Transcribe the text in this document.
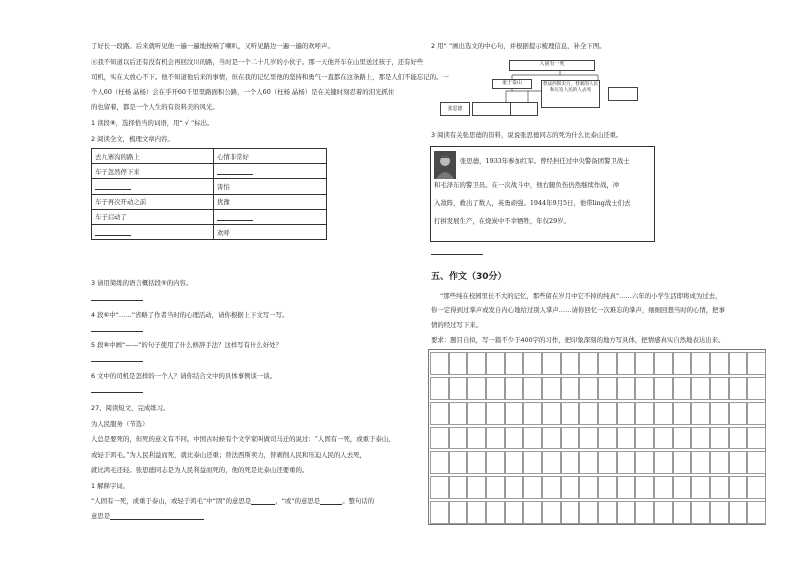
了好长一段路。后来就听见他一遍一遍地按响了喇叭，又听见路边一遍一遍的欢呼声。
⑧我不知道以后还有没有机会再回汶川的路，当时是一个二十几岁的小伙子。那一天他开车在山里送过孩子，还有好些
司机，实在太放心不下。他不知道他后来的事情，但在我的记忆里他的坚持和勇气一直都在这条路上，那是人们不能忘记的。一
个人60（枉杨 晶杨）会在乎开60千里里路面积公路，一个人60（枉杨 晶杨）是在关键时刻忍着的泪光抓住
的也留着，都是一个人生的有资料美的风光。
1 读段⑧，选择恰当的词语，用“ √ ”标出。
2 阅读全文，梳理文章内容。
去九寨沟的路上	心情非常好
车子忽然停下来	
	害怕
车子再次开动之前	犹豫
车子启动了	
	欢呼
3 请用简练的语言概括段⑤的内容。
4 段⑥中“……”省略了作者当时的心理活动，请你根据上下文写一写。
5 段⑧中画“——”的句子使用了什么修辞手法？这样写有什么好处？
6 文中的司机是怎样的一个人？请你结合文中的具体事例谈一谈。
27、阅读短文，完成练习。
为人民服务（节选）
人总是要死的，但死的意义有不同。中国古时候有个文学家叫做司马迁的说过：“人固有一死，或重于泰山，
或轻于鸿毛。”为人民利益而死，就比泰山还重；替法西斯卖力，替剥削人民和压迫人民的人去死，
就比鸿毛还轻。张思德同志是为人民利益而死的，他的死是比泰山还要重的。
1 解释字词。
“人固有一死，或重于泰山，或轻于鸿毛”中“固”的意思是	，“或”的意思是	。整句话的
意思是
2 用“ ”画出选文的中心句，并根据提示梳理信息，补全下图。
人固有一死
重于泰山	替法西斯卖力，替剥削人民和压迫人民的人去死
张思德
3 阅读有关张思德的资料，说说张思德同志的死为什么比泰山还重。
张思德，1933年参加红军。曾经担任过中央警备团警卫战士
和毛泽东的警卫员。在一次战斗中，他右腿负伤仍然继续作战，冲
入敌阵，救出了数人，英勇顽强。1944年9月5日，他带ling战士们去
打拼发展生产，在烧炭中不幸牺牲，年仅29岁。
五、作文（30分）
“那些纯在校园里长不大的记忆，那些留在岁月中它不掉的纯真”……六年的小学生活即将成为过去，
你一定得到过掌声或发自内心地给过别人掌声……请你回忆一次难忘的掌声，细细回想当时的心情，把事
情的经过写下来。
要求：题目自拟，写一篇不少于400字的习作，把印象深刻的地方写具体，把情感真实自然地表达出来。
